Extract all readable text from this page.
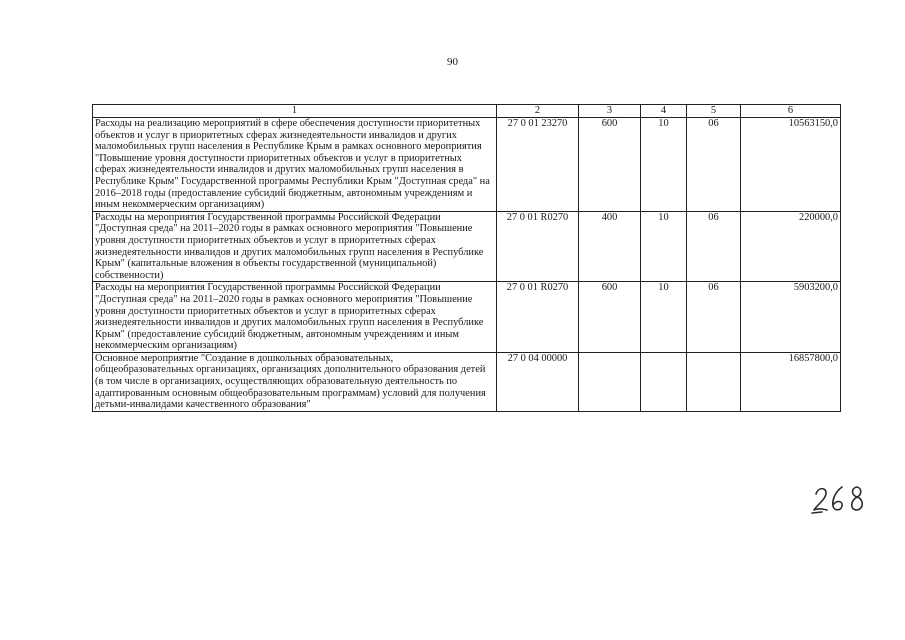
90
1	2	3	4	5	6
Расходы на реализацию мероприятий в сфере обеспечения доступности приоритетных объектов и услуг в приоритетных сферах жизнедеятельности инвалидов и других маломобильных групп населения в Республике Крым в рамках основного мероприятия "Повышение уровня доступности приоритетных объектов и услуг в приоритетных сферах жизнедеятельности инвалидов и других маломобильных групп населения в Республике Крым" Государственной программы Республики Крым "Доступная среда" на 2016–2018 годы (предоставление субсидий бюджетным, автономным учреждениям и иным некоммерческим организациям)	27 0 01 23270	600	10	06	10563150,0
Расходы на мероприятия Государственной программы Российской Федерации "Доступная среда" на 2011–2020 годы в рамках основного мероприятия "Повышение уровня доступности приоритетных объектов и услуг в приоритетных сферах жизнедеятельности инвалидов и других маломобильных групп населения в Республике Крым" (капитальные вложения в объекты государственной (муниципальной) собственности)	27 0 01 R0270	400	10	06	220000,0
Расходы на мероприятия Государственной программы Российской Федерации "Доступная среда" на 2011–2020 годы в рамках основного мероприятия "Повышение уровня доступности приоритетных объектов и услуг в приоритетных сферах жизнедеятельности инвалидов и других маломобильных групп населения в Республике Крым" (предоставление субсидий бюджетным, автономным учреждениям и иным некоммерческим организациям)	27 0 01 R0270	600	10	06	5903200,0
Основное мероприятие "Создание в дошкольных образовательных, общеобразовательных организациях, организациях дополнительного образования детей (в том числе в организациях, осуществляющих образовательную деятельность по адаптированным основным общеобразовательным программам) условий для получения детьми-инвалидами качественного образования"	27 0 04 00000				16857800,0
